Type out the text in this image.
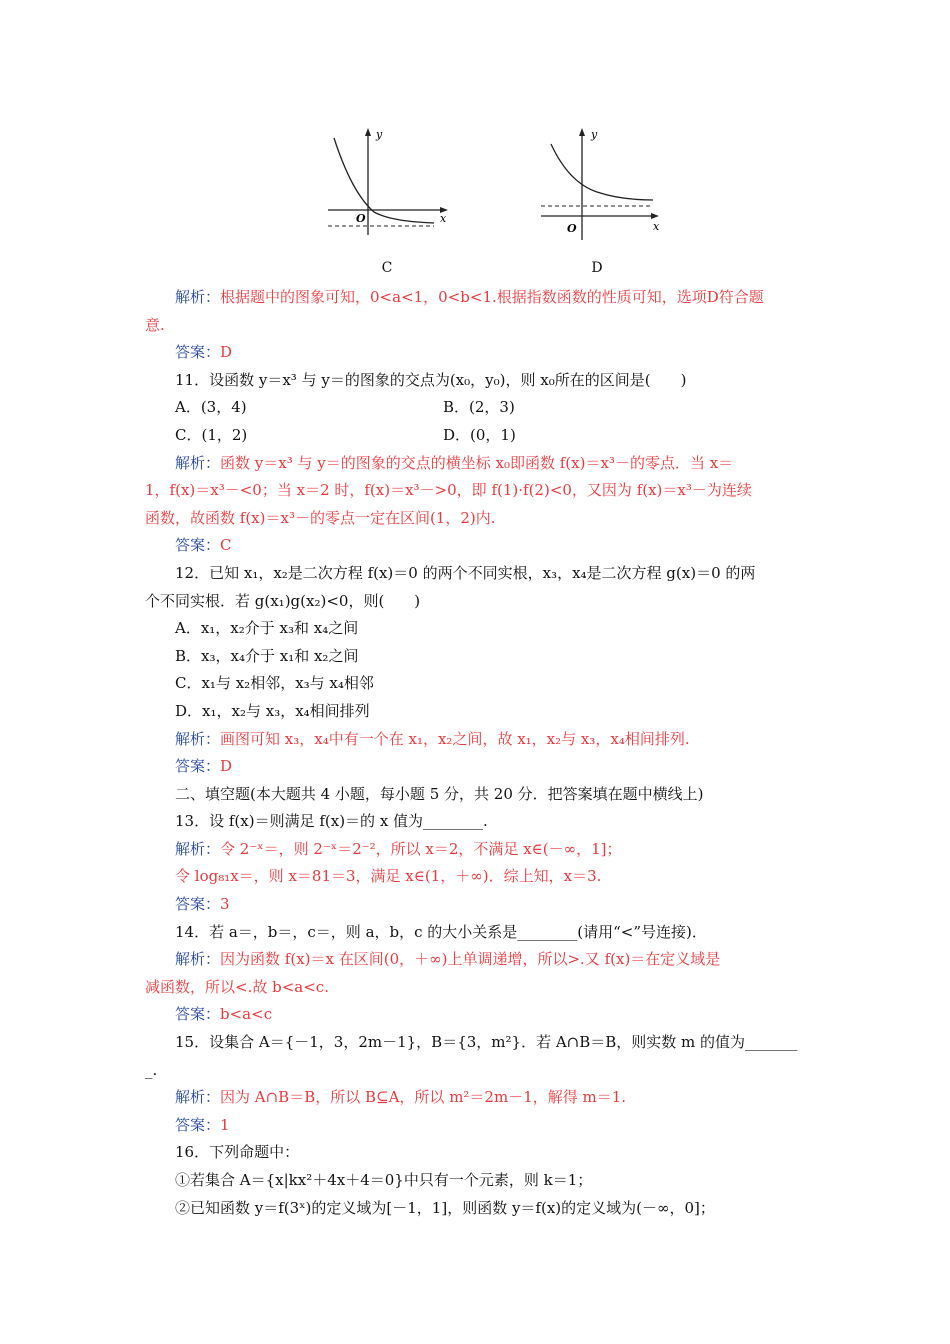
y
x
O
C
y
x
O
D
解析：根据题中的图象可知，0<a<1，0<b<1.根据指数函数的性质可知，选项D符合题
意.
答案：D
11．设函数 y＝x³ 与 y＝的图象的交点为(x₀，y₀)，则 x₀所在的区间是(　　)
A．(3，4)	B．(2，3)
C．(1，2)	D．(0，1)
解析：函数 y＝x³ 与 y＝的图象的交点的横坐标 x₀即函数 f(x)＝x³－的零点．当 x＝
1，f(x)＝x³－<0；当 x＝2 时，f(x)＝x³－>0，即 f(1)·f(2)<0，又因为 f(x)＝x³－为连续
函数，故函数 f(x)＝x³－的零点一定在区间(1，2)内.
答案：C
12．已知 x₁，x₂是二次方程 f(x)＝0 的两个不同实根，x₃，x₄是二次方程 g(x)＝0 的两
个不同实根．若 g(x₁)g(x₂)<0，则(　　)
A．x₁，x₂介于 x₃和 x₄之间
B．x₃，x₄介于 x₁和 x₂之间
C．x₁与 x₂相邻，x₃与 x₄相邻
D．x₁，x₂与 x₃，x₄相间排列
解析：画图可知 x₃，x₄中有一个在 x₁，x₂之间，故 x₁，x₂与 x₃，x₄相间排列.
答案：D
二、填空题(本大题共 4 小题，每小题 5 分，共 20 分．把答案填在题中横线上)
13．设 f(x)＝则满足 f(x)＝的 x 值为________.
解析：令 2⁻ˣ＝，则 2⁻ˣ＝2⁻²，所以 x＝2，不满足 x∈(－∞，1]；
令 log₈₁x＝，则 x＝81＝3，满足 x∈(1，＋∞)．综上知，x＝3.
答案：3
14．若 a＝，b＝，c＝，则 a，b，c 的大小关系是________(请用“<”号连接)．
解析：因为函数 f(x)＝x 在区间(0，＋∞)上单调递增，所以>.又 f(x)＝在定义域是
减函数，所以<.故 b<a<c.
答案：b<a<c
15．设集合 A＝{－1，3，2m－1}，B＝{3，m²}．若 A∩B＝B，则实数 m 的值为_______
_.
解析：因为 A∩B＝B，所以 B⊆A，所以 m²＝2m－1，解得 m＝1.
答案：1
16．下列命题中：
①若集合 A＝{x|kx²＋4x＋4＝0}中只有一个元素，则 k＝1；
②已知函数 y＝f(3ˣ)的定义域为[－1，1]，则函数 y＝f(x)的定义域为(－∞，0]；
